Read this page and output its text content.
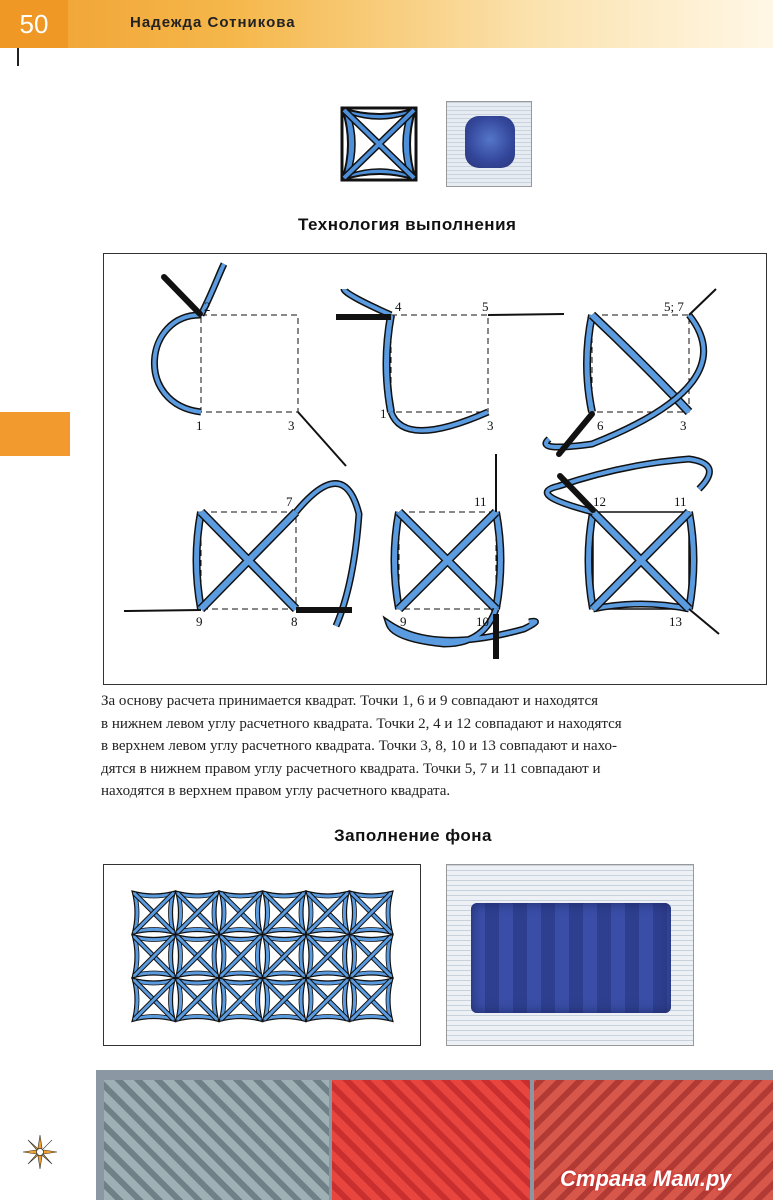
50	Надежда Сотникова
Технология выполнения
2
1	3
4	5
1
3
5; 7
6	3
7
9	8
11
9	10
12	11
13
За основу расчета принимается квадрат. Точки 1, 6 и 9 совпадают и находятся
в нижнем левом углу расчетного квадрата. Точки 2, 4 и 12 совпадают и находятся
в верхнем левом углу расчетного квадрата. Точки 3, 8, 10 и 13 совпадают и нахо-
дятся в нижнем правом углу расчетного квадрата. Точки 5, 7 и 11 совпадают и
находятся в верхнем правом углу расчетного квадрата.
Заполнение фона
Страна Мам.ру
